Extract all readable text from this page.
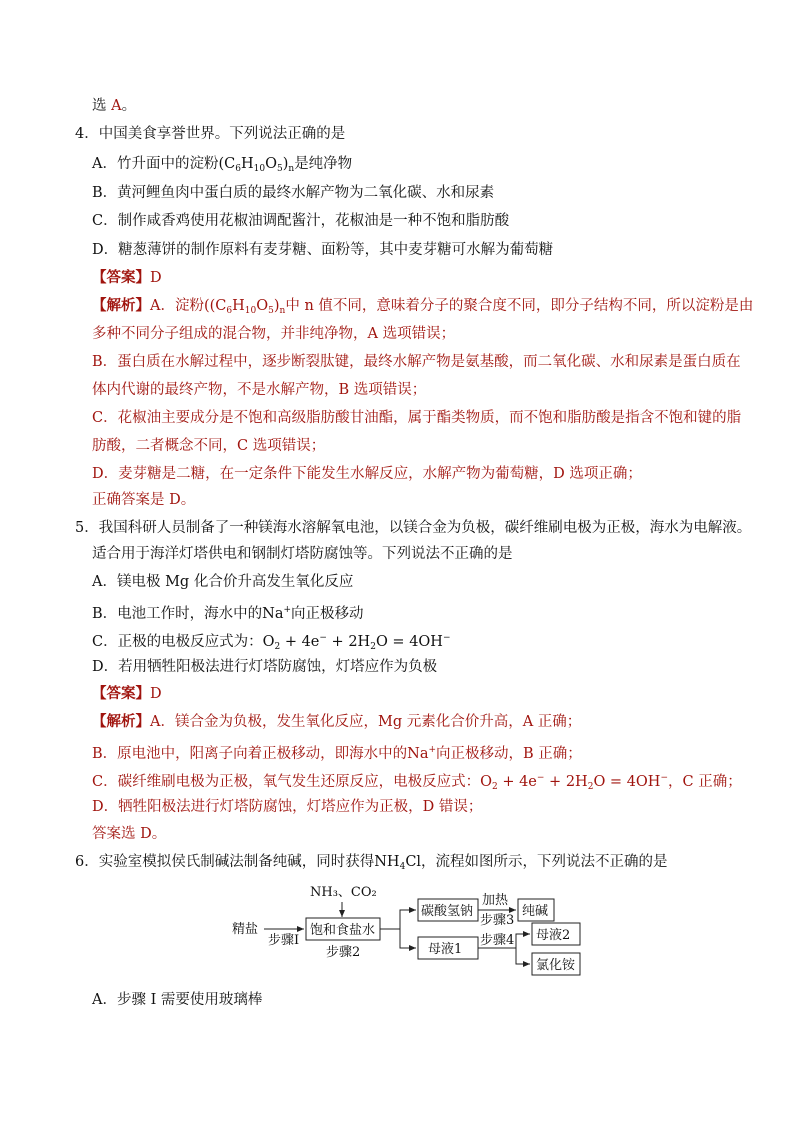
选 A。
4．中国美食享誉世界。下列说法正确的是
A．竹升面中的淀粉$(C_6H_{10}O_5)_n$是纯净物
B．黄河鲤鱼肉中蛋白质的最终水解产物为二氧化碳、水和尿素
C．制作咸香鸡使用花椒油调配酱汁，花椒油是一种不饱和脂肪酸
D．糖葱薄饼的制作原料有麦芽糖、面粉等，其中麦芽糖可水解为葡萄糖
【答案】D
【解析】A．淀粉($(C_6H_{10}O_5)_n$中 n 值不同，意味着分子的聚合度不同，即分子结构不同，所以淀粉是由
多种不同分子组成的混合物，并非纯净物，A 选项错误；
B．蛋白质在水解过程中，逐步断裂肽键，最终水解产物是氨基酸，而二氧化碳、水和尿素是蛋白质在
体内代谢的最终产物，不是水解产物，B 选项错误；
C．花椒油主要成分是不饱和高级脂肪酸甘油酯，属于酯类物质，而不饱和脂肪酸是指含不饱和键的脂
肪酸，二者概念不同，C 选项错误；
D．麦芽糖是二糖，在一定条件下能发生水解反应，水解产物为葡萄糖，D 选项正确；
正确答案是 D。
5．我国科研人员制备了一种镁海水溶解氧电池，以镁合金为负极，碳纤维刷电极为正极，海水为电解液。
适合用于海洋灯塔供电和钢制灯塔防腐蚀等。下列说法不正确的是
A．镁电极 Mg 化合价升高发生氧化反应
B．电池工作时，海水中的Na+向正极移动
C．正极的电极反应式为：$O_2 + 4e^- + 2H_2O = 4OH^-$
D．若用牺牲阳极法进行灯塔防腐蚀，灯塔应作为负极
【答案】D
【解析】A．镁合金为负极，发生氧化反应，Mg 元素化合价升高，A 正确；
B．原电池中，阳离子向着正极移动，即海水中的Na+向正极移动，B 正确；
C．碳纤维刷电极为正极，氧气发生还原反应，电极反应式：$O_2 + 4e^- + 2H_2O = 4OH^-$，C 正确；
D．牺牲阳极法进行灯塔防腐蚀，灯塔应作为正极，D 错误；
答案选 D。
6．实验室模拟侯氏制碱法制备纯碱，同时获得$NH_4Cl$，流程如图所示，下列说法不正确的是
精盐
步骤Ⅰ
NH₃、CO₂
饱和食盐水
步骤2
碳酸氢钠
加热
步骤3
纯碱
母液1
步骤4 母液2
氯化铵
A．步骤 Ⅰ 需要使用玻璃棒
